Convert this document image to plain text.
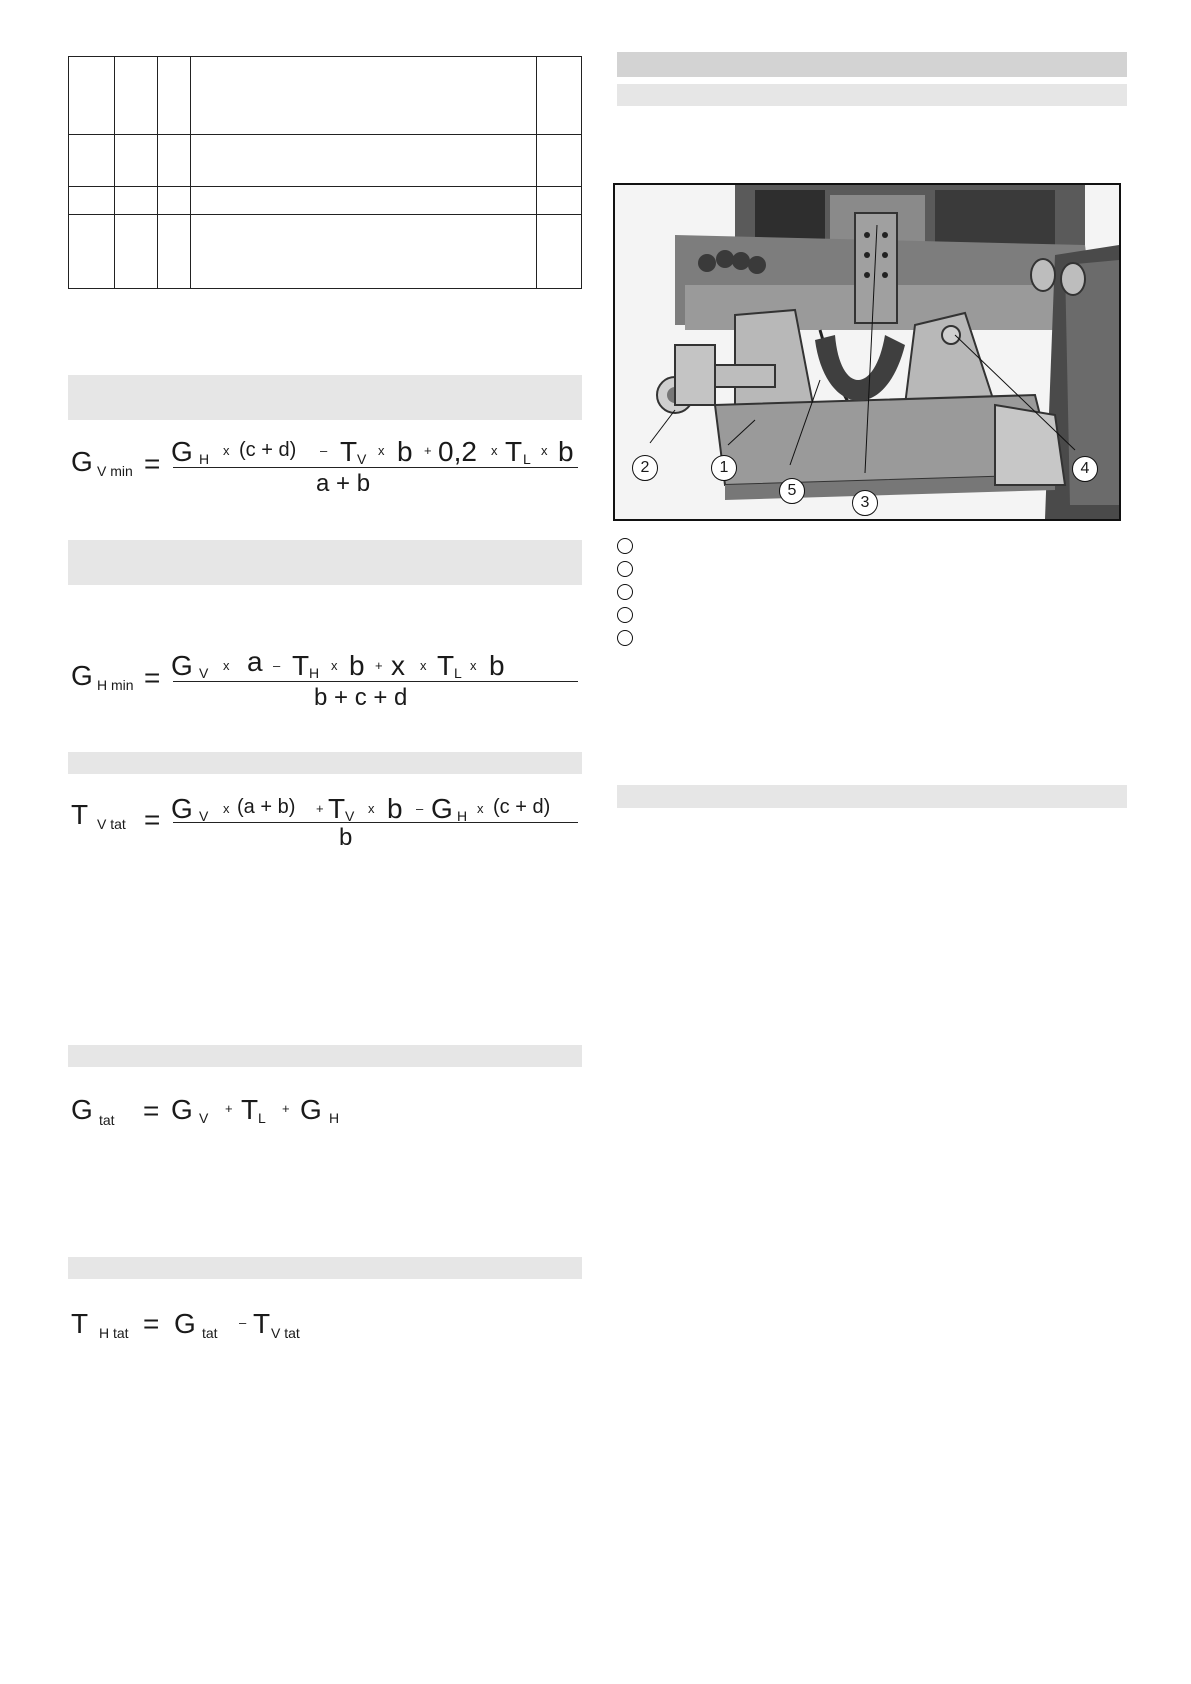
G V min = G H
x (c + d) – T V
x b + 0,2 x T L
x b
a + b
G H min = G V x a – T H x b + x x T L x b
b + c + d
T V tat = G V x (a + b) + T V x b – G H x (c + d)
b
G tat = G V
+ T L
+ G H
T H tat = G tat
– T V tat
2	1
5
3
4
